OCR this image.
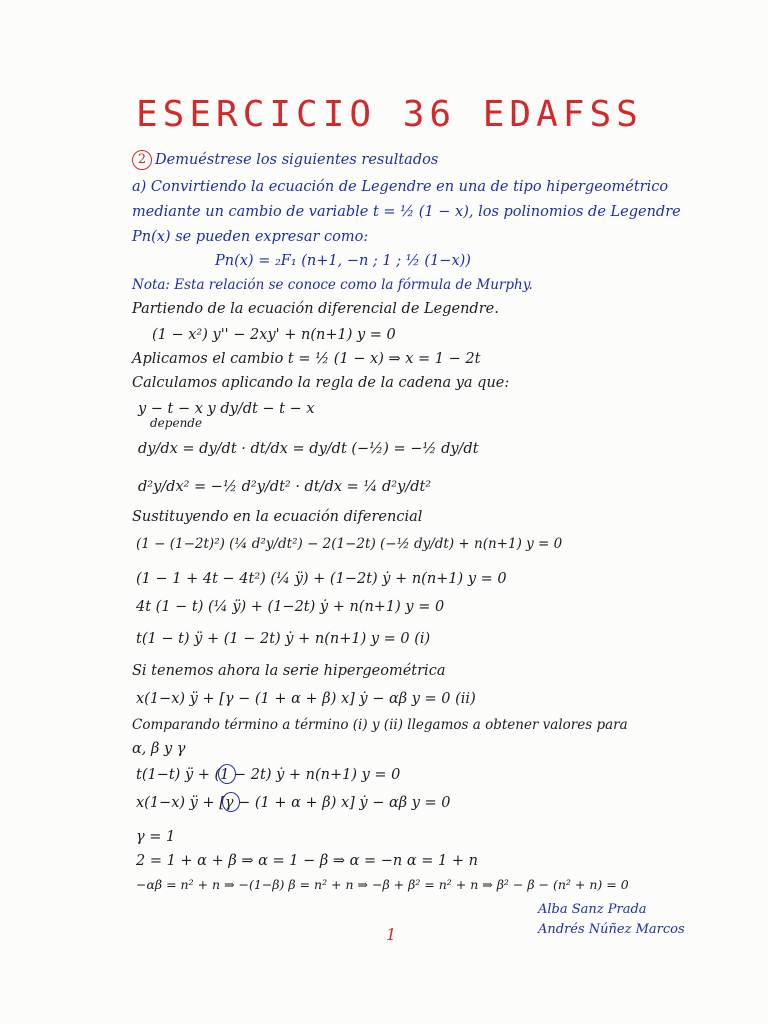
ESERCICIO 36 EDAFSS
2 Demuéstrese los siguientes resultados
a) Convirtiendo la ecuación de Legendre en una de tipo hipergeométrico
mediante un cambio de variable t = ½ (1 − x), los polinomios de Legendre
Pn(x) se pueden expresar como:
Pn(x) = ₂F₁ (n+1, −n ; 1 ; ½ (1−x))
Nota: Esta relación se conoce como la fórmula de Murphy.
Partiendo de la ecuación diferencial de Legendre.
(1 − x²) y'' − 2xy' + n(n+1) y = 0
Aplicamos el cambio t = ½ (1 − x) ⇒ x = 1 − 2t
Calculamos aplicando la regla de la cadena ya que:
y − t − x y dy/dt − t − x
depende
dy/dx = dy/dt · dt/dx = dy/dt (−½) = −½ dy/dt
d²y/dx² = −½ d²y/dt² · dt/dx = ¼ d²y/dt²
Sustituyendo en la ecuación diferencial
(1 − (1−2t)²) (¼ d²y/dt²) − 2(1−2t) (−½ dy/dt) + n(n+1) y = 0
(1 − 1 + 4t − 4t²) (¼ ÿ) + (1−2t) ẏ + n(n+1) y = 0
4t (1 − t) (¼ ÿ) + (1−2t) ẏ + n(n+1) y = 0
t(1 − t) ÿ + (1 − 2t) ẏ + n(n+1) y = 0 (i)
Si tenemos ahora la serie hipergeométrica
x(1−x) ÿ + [γ − (1 + α + β) x] ẏ − αβ y = 0 (ii)
Comparando término a término (i) y (ii) llegamos a obtener valores para
α, β y γ
t(1−t) ÿ + (1 − 2t) ẏ + n(n+1) y = 0
x(1−x) ÿ + [γ − (1 + α + β) x] ẏ − αβ y = 0
γ = 1
2 = 1 + α + β ⇒ α = 1 − β ⇒ α = −n α = 1 + n
−αβ = n² + n ⇒ −(1−β) β = n² + n ⇒ −β + β² = n² + n ⇒ β² − β − (n² + n) = 0
Alba Sanz Prada
Andrés Núñez Marcos
1
